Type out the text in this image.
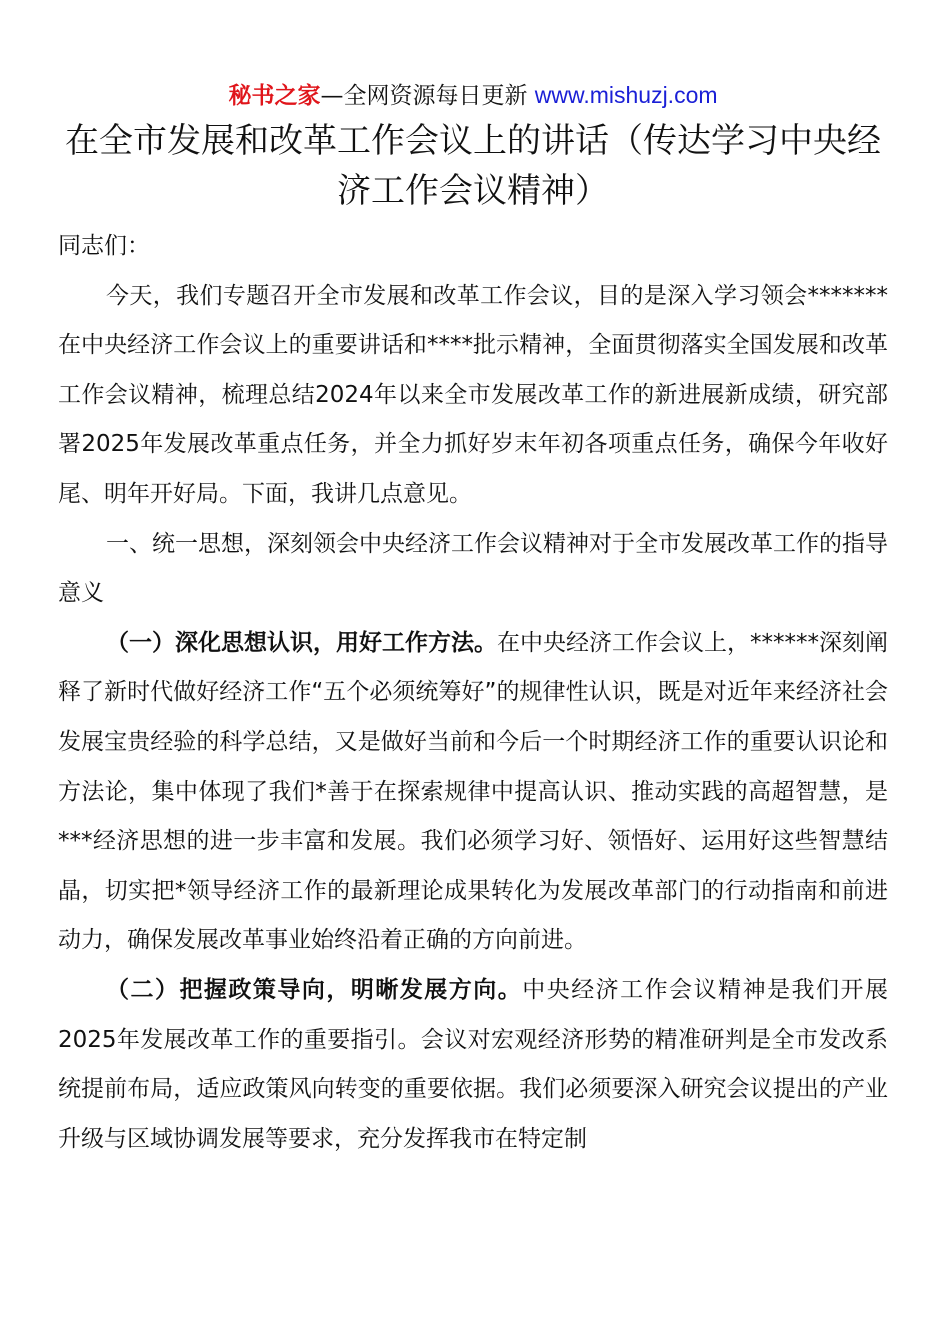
秘书之家—全网资源每日更新 www.mishuzj.com
在全市发展和改革工作会议上的讲话（传达学习中央经济工作会议精神）

同志们：

今天，我们专题召开全市发展和改革工作会议，目的是深入学习领会*******在中央经济工作会议上的重要讲话和****批示精神，全面贯彻落实全国发展和改革工作会议精神，梳理总结2024年以来全市发展改革工作的新进展新成绩，研究部署2025年发展改革重点任务，并全力抓好岁末年初各项重点任务，确保今年收好尾、明年开好局。下面，我讲几点意见。

一、统一思想，深刻领会中央经济工作会议精神对于全市发展改革工作的指导意义

（一）深化思想认识，用好工作方法。在中央经济工作会议上，******深刻阐释了新时代做好经济工作“五个必须统筹好”的规律性认识，既是对近年来经济社会发展宝贵经验的科学总结，又是做好当前和今后一个时期经济工作的重要认识论和方法论，集中体现了我们*善于在探索规律中提高认识、推动实践的高超智慧，是***经济思想的进一步丰富和发展。我们必须学习好、领悟好、运用好这些智慧结晶，切实把*领导经济工作的最新理论成果转化为发展改革部门的行动指南和前进动力，确保发展改革事业始终沿着正确的方向前进。

（二）把握政策导向，明晰发展方向。中央经济工作会议精神是我们开展2025年发展改革工作的重要指引。会议对宏观经济形势的精准研判是全市发改系统提前布局，适应政策风向转变的重要依据。我们必须要深入研究会议提出的产业升级与区域协调发展等要求，充分发挥我市在特定制
